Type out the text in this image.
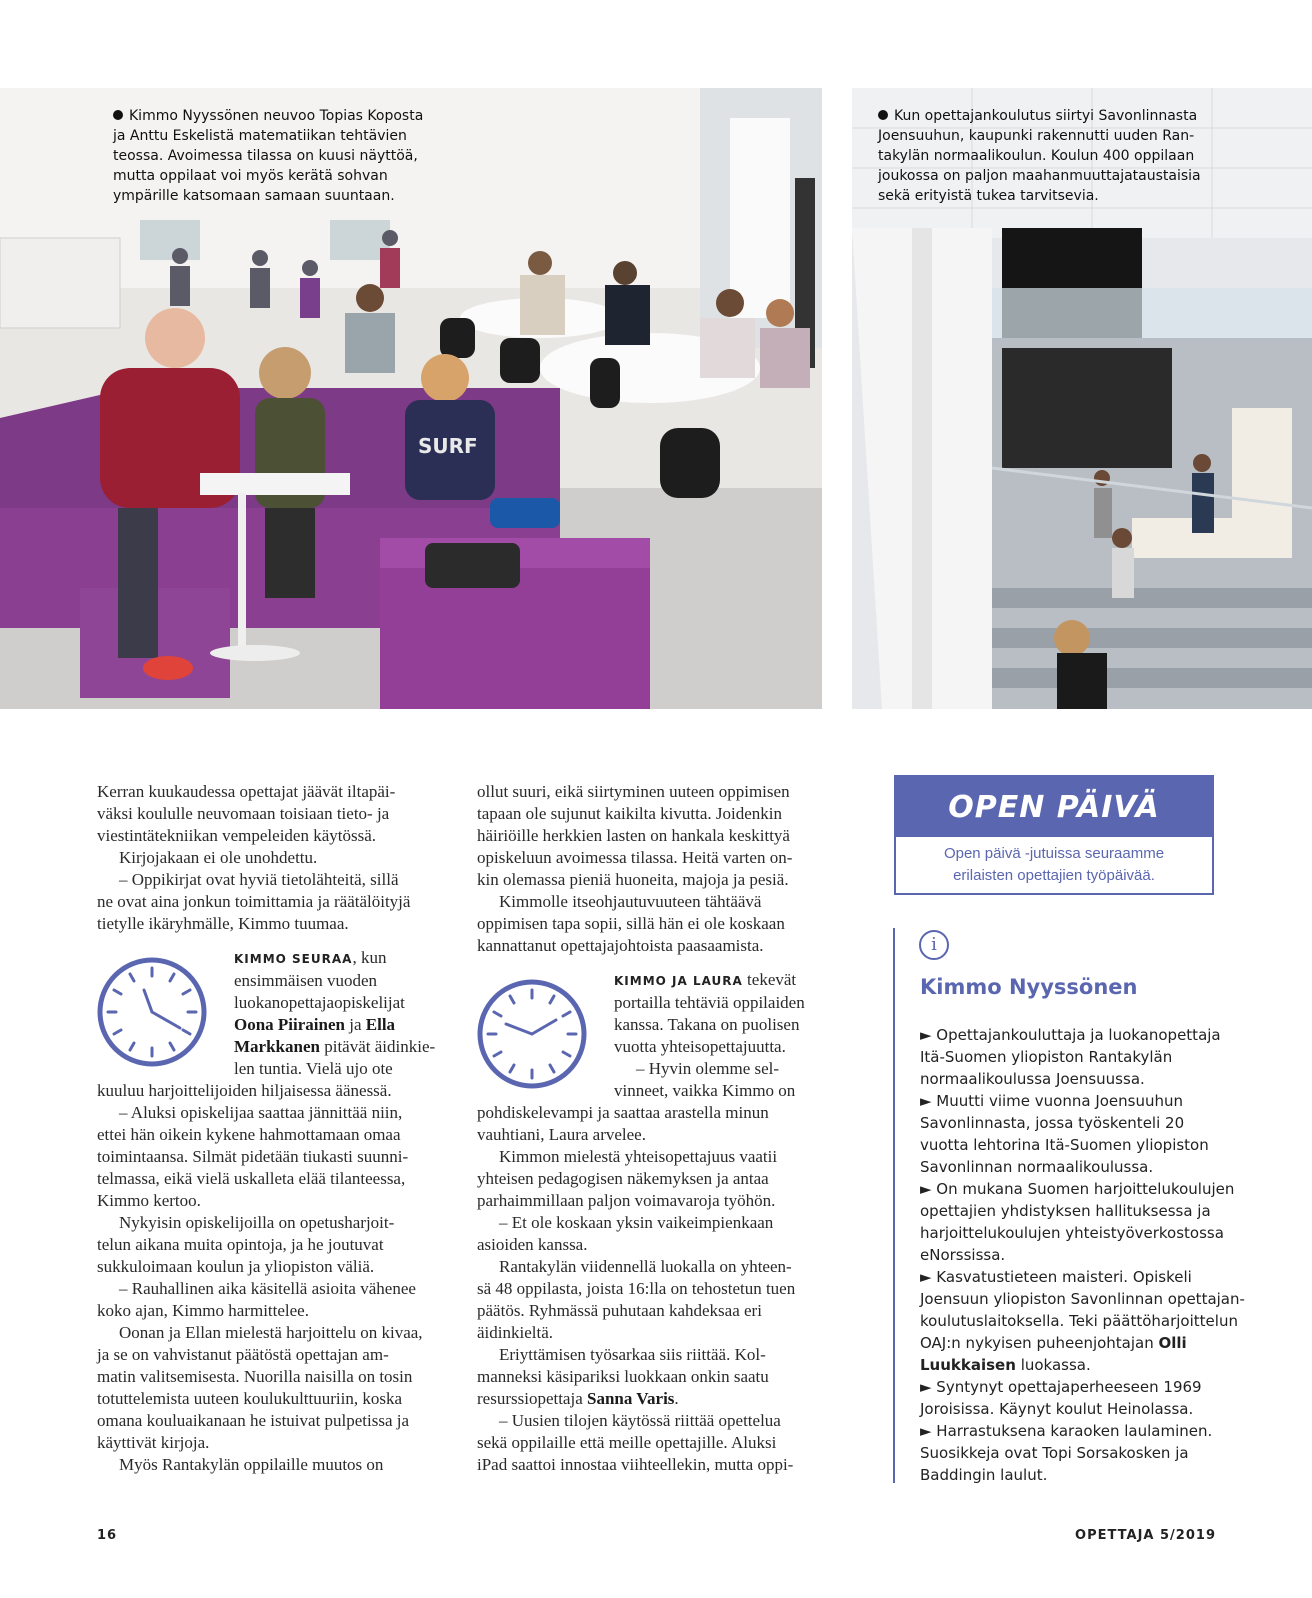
SURF
Kimmo Nyyssönen neuvoo Topias Koposta
ja Anttu Eskelistä matematiikan tehtävien
teossa. Avoimessa tilassa on kuusi näyttöä,
mutta oppilaat voi myös kerätä sohvan
ympärille katsomaan samaan suuntaan.
Kun opettajankoulutus siirtyi Savonlinnasta
Joensuuhun, kaupunki rakennutti uuden Ran-
takylän normaalikoulun. Koulun 400 oppilaan
joukossa on paljon maahanmuuttajataustaisia
sekä erityistä tukea tarvitsevia.

Kerran kuukaudessa opettajat jäävät iltapäi-
väksi koululle neuvomaan toisiaan tieto- ja
viestintätekniikan vempeleiden käytössä.

Kirjojakaan ei ole unohdettu.

– Oppikirjat ovat hyviä tietolähteitä, sillä
ne ovat aina jonkun toimittamia ja räätälöityjä
tietylle ikäryhmälle, Kimmo tuumaa.

KIMMO SEURAA, kun
ensimmäisen vuoden
luokanopettajaopiskelijat
Oona Piirainen ja Ella
Markkanen pitävät äidinkie-
len tuntia. Vielä ujo ote

kuuluu harjoittelijoiden hiljaisessa äänessä.

– Aluksi opiskelijaa saattaa jännittää niin,
ettei hän oikein kykene hahmottamaan omaa
toimintaansa. Silmät pidetään tiukasti suunni-
telmassa, eikä vielä uskalleta elää tilanteessa,
Kimmo kertoo.

Nykyisin opiskelijoilla on opetusharjoit-
telun aikana muita opintoja, ja he joutuvat
sukkuloimaan koulun ja yliopiston väliä.

– Rauhallinen aika käsitellä asioita vähenee
koko ajan, Kimmo harmittelee.

Oonan ja Ellan mielestä harjoittelu on kivaa,
ja se on vahvistanut päätöstä opettajan am-
matin valitsemisesta. Nuorilla naisilla on tosin
totuttelemista uuteen koulukulttuuriin, koska
omana kouluaikanaan he istuivat pulpetissa ja
käyttivät kirjoja.

Myös Rantakylän oppilaille muutos on

ollut suuri, eikä siirtyminen uuteen oppimisen
tapaan ole sujunut kaikilta kivutta. Joidenkin
häiriöille herkkien lasten on hankala keskittyä
opiskeluun avoimessa tilassa. Heitä varten on-
kin olemassa pieniä huoneita, majoja ja pesiä.

Kimmolle itseohjautuvuuteen tähtäävä
oppimisen tapa sopii, sillä hän ei ole koskaan
kannattanut opettajajohtoista paasaamista.

KIMMO JA LAURA tekevät
portailla tehtäviä oppilaiden
kanssa. Takana on puolisen
vuotta yhteisopettajuutta.
– Hyvin olemme sel-
vinneet, vaikka Kimmo on

pohdiskelevampi ja saattaa arastella minun
vauhtiani, Laura arvelee.

Kimmon mielestä yhteisopettajuus vaatii
yhteisen pedagogisen näkemyksen ja antaa
parhaimmillaan paljon voimavaroja työhön.

– Et ole koskaan yksin vaikeimpienkaan
asioiden kanssa.

Rantakylän viidennellä luokalla on yhteen-
sä 48 oppilasta, joista 16:lla on tehostetun tuen
päätös. Ryhmässä puhutaan kahdeksaa eri
äidinkieltä.

Eriyttämisen työsarkaa siis riittää. Kol-
manneksi käsipariksi luokkaan onkin saatu
resurssiopettaja Sanna Varis.

– Uusien tilojen käytössä riittää opettelua
sekä oppilaille että meille opettajille. Aluksi
iPad saattoi innostaa viihteellekin, mutta oppi-

OPEN PÄIVÄ
Open päivä -jutuissa seuraamme
erilaisten opettajien työpäivää.
i
Kimmo Nyyssönen
► Opettajankouluttaja ja luokanopettaja
Itä-Suomen yliopiston Rantakylän
normaalikoulussa Joensuussa.
► Muutti viime vuonna Joensuuhun
Savonlinnasta, jossa työskenteli 20
vuotta lehtorina Itä-Suomen yliopiston
Savonlinnan normaalikoulussa.
► On mukana Suomen harjoittelukoulujen
opettajien yhdistyksen hallituksessa ja
harjoittelukoulujen yhteistyöverkostossa
eNorssissa.
► Kasvatustieteen maisteri. Opiskeli
Joensuun yliopiston Savonlinnan opettajan-
koulutuslaitoksella. Teki päättöharjoittelun
OAJ:n nykyisen puheenjohtajan Olli
Luukkaisen luokassa.
► Syntynyt opettajaperheeseen 1969
Joroisissa. Käynyt koulut Heinolassa.
► Harrastuksena karaoken laulaminen.
Suosikkeja ovat Topi Sorsakosken ja
Baddingin laulut.
16	OPETTAJA 5/2019
